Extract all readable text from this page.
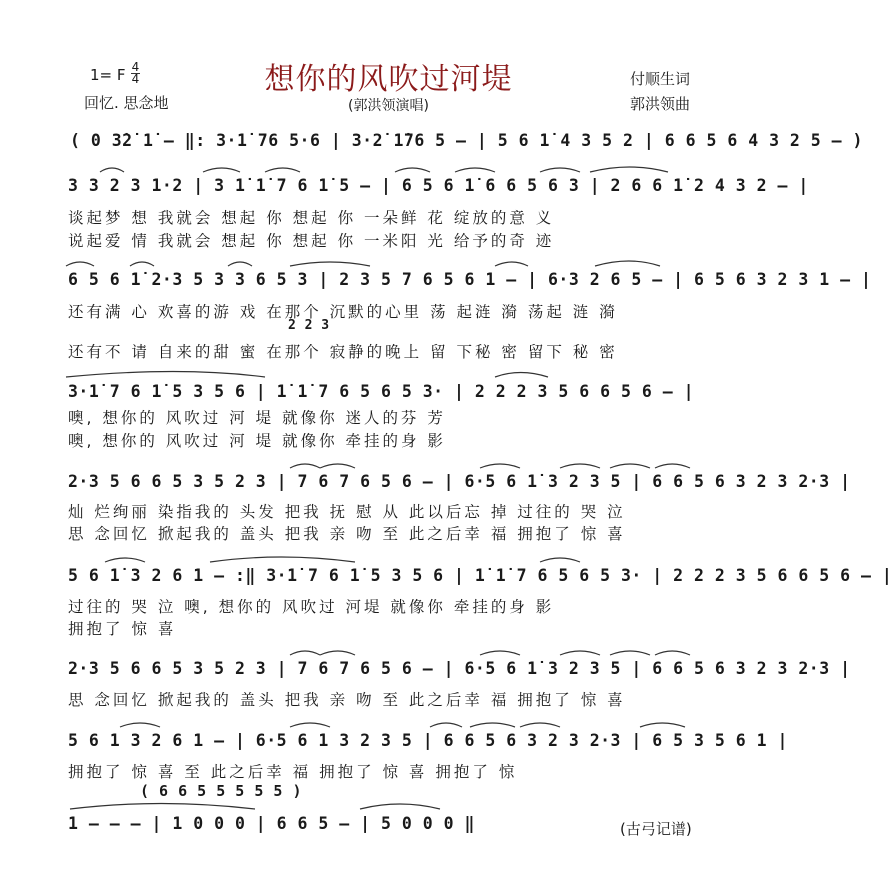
想你的风吹过河堤
(郭洪领演唱)
1= F 4
4
回忆. 思念地
付顺生词
郭洪领曲
( 0 3̇2̇ 1̇ – ‖: 3·1̇ 76 5·6 | 3·2̇ 1̇76 5 – | 5 6 1̇ 4 3 5 2 | 6 6 5 6 4 3 2 5 – )
3 3 2 3 1·2 | 3 1̇ 1̇ 7 6 1̇ 5 – | 6 5 6 1̇ 6 6 5 6 3 | 2 6 6 1̇ 2 4 3 2 – |
谈起梦 想 我就会 想起 你 想起 你 一朵鲜 花 绽放的意 义
说起爱 情 我就会 想起 你 想起 你 一米阳 光 给予的奇 迹
6 5 6 1̇ 2·3 5 3 3 6 5 3 | 2 3 5 7 6 5 6 1 – | 6·3 2 6 5 – | 6 5 6 3 2 3 1 – |
还有满 心 欢喜的游 戏 在那个 沉默的心里 荡 起涟 漪 荡起 涟 漪
2 2 3
还有不 请 自来的甜 蜜 在那个 寂静的晚上 留 下秘 密 留下 秘 密
3·1̇ 7 6 1̇ 5 3 5 6 | 1̇ 1̇ 7 6 5 6 5 3· | 2 2 2 3 5 6 6 5 6 – |
噢, 想你的 风吹过 河 堤 就像你 迷人的芬 芳
噢, 想你的 风吹过 河 堤 就像你 牵挂的身 影
2·3 5 6 6 5 3 5 2 3 | 7 6 7 6 5 6 – | 6·5 6 1̇ 3 2 3 5 | 6 6 5 6 3 2 3 2·3 |
灿 烂绚丽 染指我的 头发 把我 抚 慰 从 此以后忘 掉 过往的 哭 泣
思 念回忆 掀起我的 盖头 把我 亲 吻 至 此之后幸 福 拥抱了 惊 喜
5 6 1̇ 3 2 6 1 – :‖ 3·1̇ 7 6 1̇ 5 3 5 6 | 1̇ 1̇ 7 6 5 6 5 3· | 2 2 2 3 5 6 6 5 6 – |
过往的 哭 泣 噢, 想你的 风吹过 河堤 就像你 牵挂的身 影
拥抱了 惊 喜
2·3 5 6 6 5 3 5 2 3 | 7 6 7 6 5 6 – | 6·5 6 1̇ 3 2 3 5 | 6 6 5 6 3 2 3 2·3 |
思 念回忆 掀起我的 盖头 把我 亲 吻 至 此之后幸 福 拥抱了 惊 喜
5 6 1 3 2 6 1 – | 6·5 6 1 3 2 3 5 | 6 6 5 6 3 2 3 2·3 | 6 5 3 5 6 1 |
拥抱了 惊 喜 至 此之后幸 福 拥抱了 惊 喜 拥抱了 惊
( 6 6 5 5 5 5 5 )
1 – – – | 1 0 0 0 | 6 6 5 – | 5 0 0 0 ‖	(古弓记谱)
